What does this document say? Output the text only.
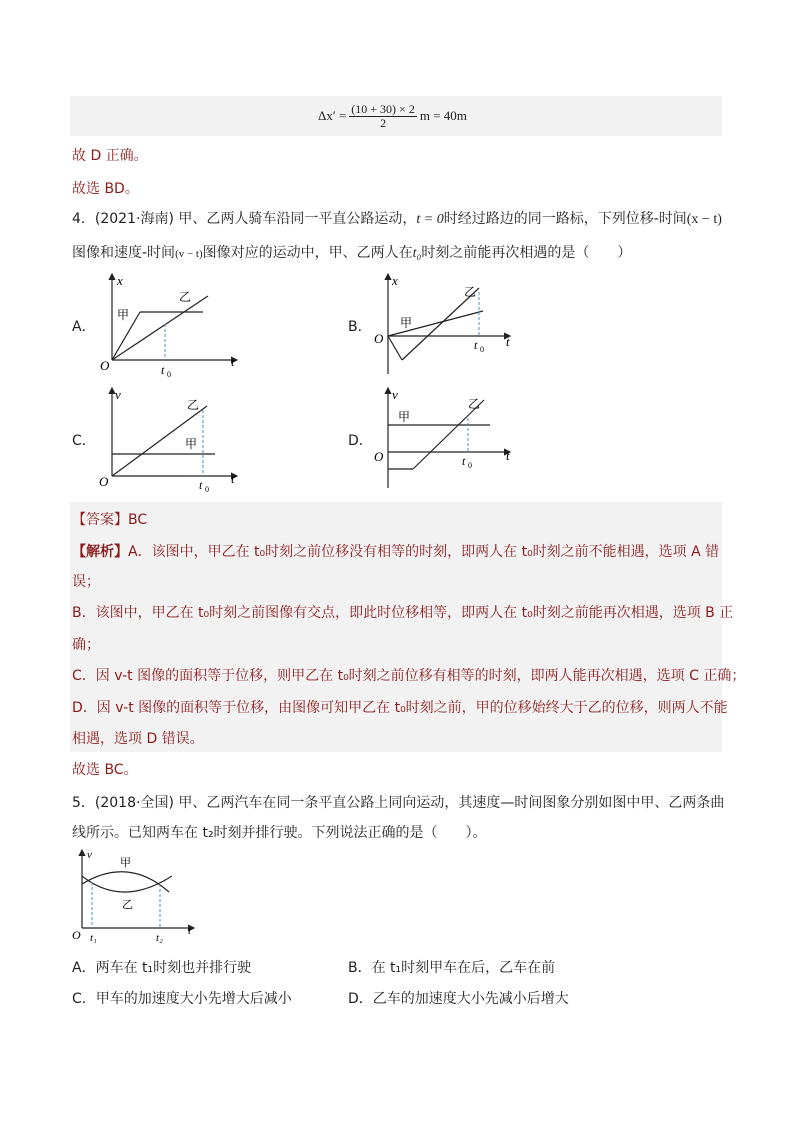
$\Delta x' = \frac{(10 + 30) \times 2}{2}$ m = 40m
故 D 正确。
故选 BD。
4．(2021·海南) 甲、乙两人骑车沿同一平直公路运动，t = 0时经过路边的同一路标，下列位移-时间(x − t)
图像和速度-时间(v − t)图像对应的运动中，甲、乙两人在t₀时刻之前能再次相遇的是（　　）
A．	B．
C．	D．
O
x
t
t 0
甲
乙
O
x
t
t 0
甲
乙
O
v
t
t 0
甲
乙
O
v
t
t 0
甲
乙
【答案】BC
【解析】A．该图中，甲乙在 t₀时刻之前位移没有相等的时刻，即两人在 t₀时刻之前不能相遇，选项 A 错
误；
B．该图中，甲乙在 t₀时刻之前图像有交点，即此时位移相等，即两人在 t₀时刻之前能再次相遇，选项 B 正
确；
C．因 v-t 图像的面积等于位移，则甲乙在 t₀时刻之前位移有相等的时刻，即两人能再次相遇，选项 C 正确；
D．因 v-t 图像的面积等于位移，由图像可知甲乙在 t₀时刻之前，甲的位移始终大于乙的位移，则两人不能
相遇，选项 D 错误。
故选 BC。
5．(2018·全国) 甲、乙两汽车在同一条平直公路上同向运动，其速度—时间图象分别如图中甲、乙两条曲
线所示。已知两车在 t₂时刻并排行驶。下列说法正确的是（　　）。
O
v
t
t₁	t₂
甲
乙
A．两车在 t₁时刻也并排行驶	B．在 t₁时刻甲车在后，乙车在前
C．甲车的加速度大小先增大后减小	D．乙车的加速度大小先减小后增大
